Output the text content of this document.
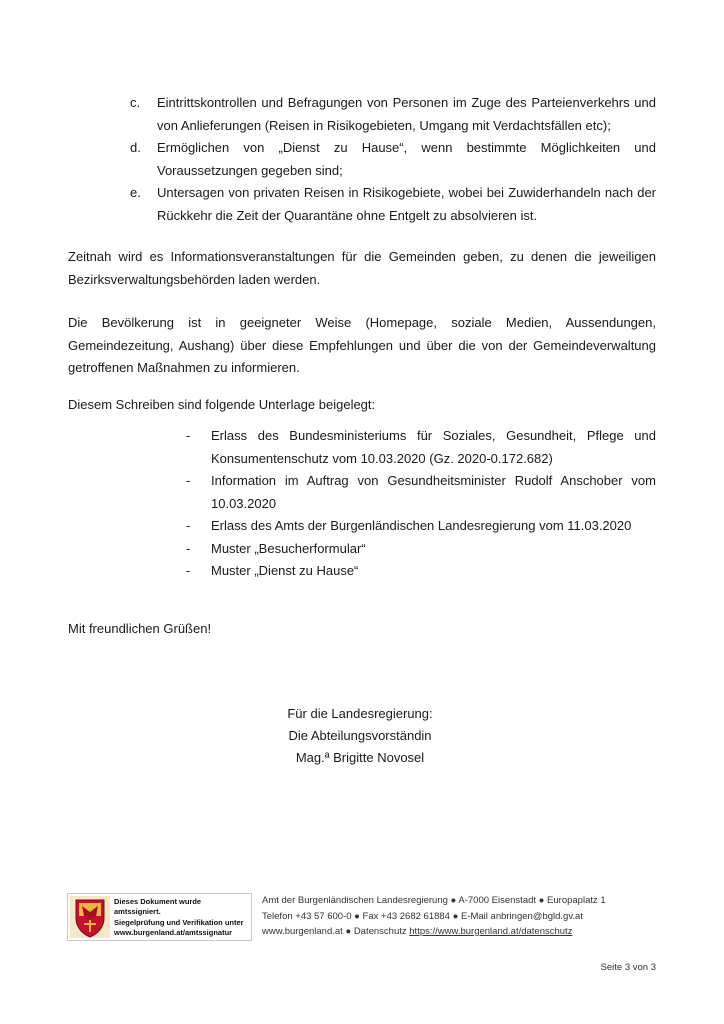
c.	Eintrittskontrollen und Befragungen von Personen im Zuge des Parteienverkehrs und von Anlieferungen (Reisen in Risikogebieten, Umgang mit Verdachtsfällen etc);
d.	Ermöglichen von „Dienst zu Hause“, wenn bestimmte Möglichkeiten und Voraussetzungen gegeben sind;
e.	Untersagen von privaten Reisen in Risikogebiete, wobei bei Zuwiderhandeln nach der Rückkehr die Zeit der Quarantäne ohne Entgelt zu absolvieren ist.

Zeitnah wird es Informationsveranstaltungen für die Gemeinden geben, zu denen die jeweiligen Bezirksverwaltungsbehörden laden werden.

Die Bevölkerung ist in geeigneter Weise (Homepage, soziale Medien, Aussendungen, Gemeindezeitung, Aushang) über diese Empfehlungen und über die von der Gemeindeverwaltung getroffenen Maßnahmen zu informieren.

Diesem Schreiben sind folgende Unterlage beigelegt:

-	Erlass des Bundesministeriums für Soziales, Gesundheit, Pflege und Konsumentenschutz vom 10.03.2020 (Gz. 2020-0.172.682)
-	Information im Auftrag von Gesundheitsminister Rudolf Anschober vom 10.03.2020
-	Erlass des Amts der Burgenländischen Landesregierung vom 11.03.2020
-	Muster „Besucherformular“
-	Muster „Dienst zu Hause“
Mit freundlichen Grüßen!
Für die Landesregierung:
Die Abteilungsvorständin
Mag.ª Brigitte Novosel
Dieses Dokument wurde amtssigniert.
Siegelprüfung und Verifikation unter
www.burgenland.at/amtssignatur
Amt der Burgenländischen Landesregierung ● A-7000 Eisenstadt ● Europaplatz 1
Telefon +43 57 600-0 ● Fax +43 2682 61884 ● E-Mail anbringen@bgld.gv.at
www.burgenland.at ● Datenschutz https://www.burgenland.at/datenschutz
Seite 3 von 3
